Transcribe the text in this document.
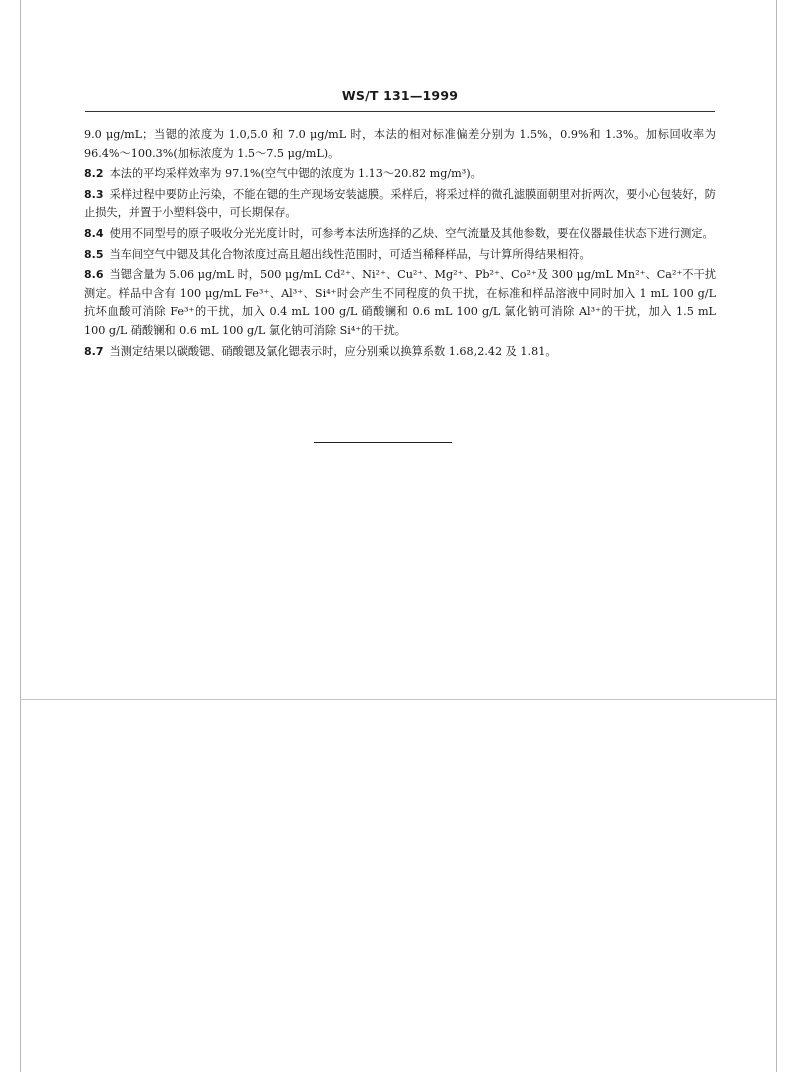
WS/T 131—1999

9.0 μg/mL；当锶的浓度为 1.0,5.0 和 7.0 μg/mL 时，本法的相对标准偏差分别为 1.5%，0.9%和 1.3%。加标回收率为 96.4%～100.3%(加标浓度为 1.5～7.5 μg/mL)。

8.2 本法的平均采样效率为 97.1%(空气中锶的浓度为 1.13～20.82 mg/m³)。

8.3 采样过程中要防止污染，不能在锶的生产现场安装滤膜。采样后，将采过样的微孔滤膜面朝里对折两次，要小心包装好，防止损失，并置于小塑料袋中，可长期保存。

8.4 使用不同型号的原子吸收分光光度计时，可参考本法所选择的乙炔、空气流量及其他参数，要在仪器最佳状态下进行测定。

8.5 当车间空气中锶及其化合物浓度过高且超出线性范围时，可适当稀释样品，与计算所得结果相符。

8.6 当锶含量为 5.06 μg/mL 时，500 μg/mL Cd²⁺、Ni²⁺、Cu²⁺、Mg²⁺、Pb²⁺、Co²⁺及 300 μg/mL Mn²⁺、Ca²⁺不干扰测定。样品中含有 100 μg/mL Fe³⁺、Al³⁺、Si⁴⁺时会产生不同程度的负干扰，在标准和样品溶液中同时加入 1 mL 100 g/L 抗坏血酸可消除 Fe³⁺的干扰，加入 0.4 mL 100 g/L 硝酸镧和 0.6 mL 100 g/L 氯化钠可消除 Al³⁺的干扰，加入 1.5 mL 100 g/L 硝酸镧和 0.6 mL 100 g/L 氯化钠可消除 Si⁴⁺的干扰。

8.7 当测定结果以碳酸锶、硝酸锶及氯化锶表示时，应分别乘以换算系数 1.68,2.42 及 1.81。
